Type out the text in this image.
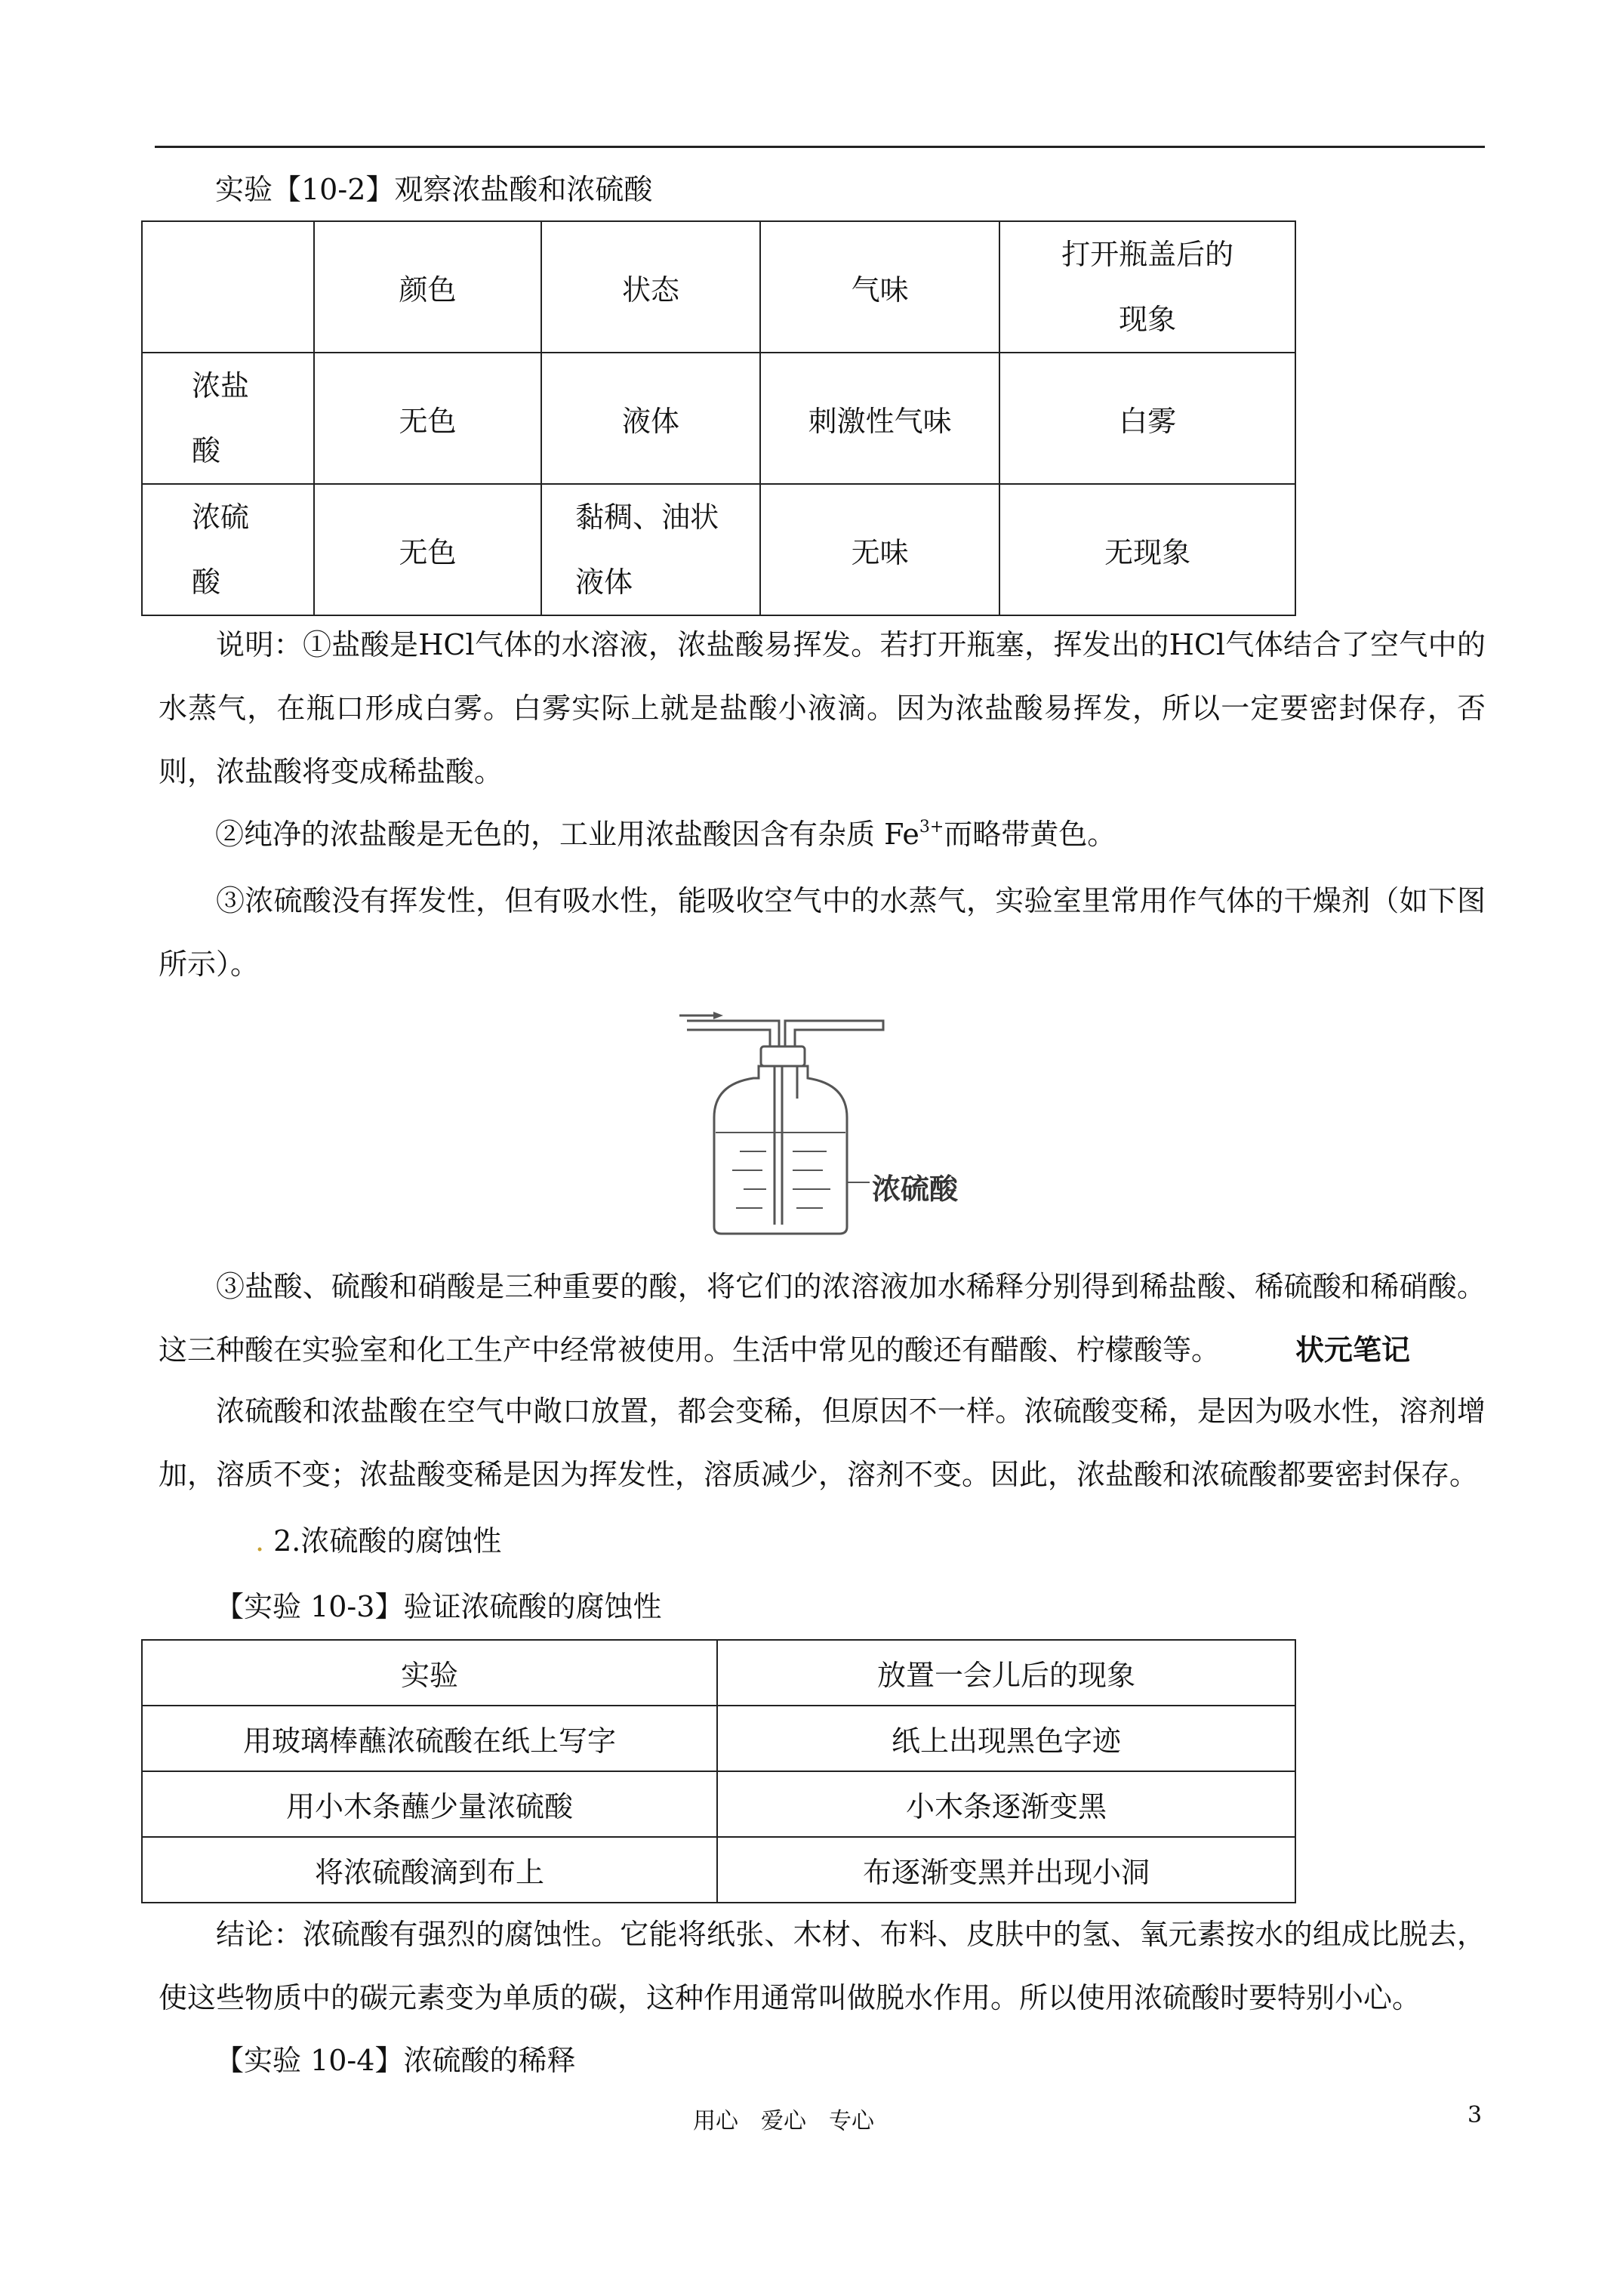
实验【10-2】观察浓盐酸和浓硫酸
	颜色	状态	气味	打开瓶盖后的现象

浓盐酸	无色	液体	刺激性气味	白雾

浓硫酸	无色	黏稠、油状液体	无味	无现象
说明：①盐酸是HCl气体的水溶液，浓盐酸易挥发。若打开瓶塞，挥发出的HCl气体结合了空气中的水蒸气，在瓶口形成白雾。白雾实际上就是盐酸小液滴。因为浓盐酸易挥发，所以一定要密封保存，否则，浓盐酸将变成稀盐酸。
②纯净的浓盐酸是无色的，工业用浓盐酸因含有杂质 $Fe^{3+}$而略带黄色。
③浓硫酸没有挥发性，但有吸水性，能吸收空气中的水蒸气，实验室里常用作气体的干燥剂（如下图所示）。
浓硫酸
③盐酸、硫酸和硝酸是三种重要的酸，将它们的浓溶液加水稀释分别得到稀盐酸、稀硫酸和稀硝酸。这三种酸在实验室和化工生产中经常被使用。生活中常见的酸还有醋酸、柠檬酸等。	状元笔记
浓硫酸和浓盐酸在空气中敞口放置，都会变稀，但原因不一样。浓硫酸变稀，是因为吸水性，溶剂增加，溶质不变；浓盐酸变稀是因为挥发性，溶质减少，溶剂不变。因此，浓盐酸和浓硫酸都要密封保存。
. 2.浓硫酸的腐蚀性
【实验 10-3】验证浓硫酸的腐蚀性
实验	放置一会儿后的现象
用玻璃棒蘸浓硫酸在纸上写字	纸上出现黑色字迹
用小木条蘸少量浓硫酸	小木条逐渐变黑
将浓硫酸滴到布上	布逐渐变黑并出现小洞
结论：浓硫酸有强烈的腐蚀性。它能将纸张、木材、布料、皮肤中的氢、氧元素按水的组成比脱去，使这些物质中的碳元素变为单质的碳，这种作用通常叫做脱水作用。所以使用浓硫酸时要特别小心。
【实验 10-4】浓硫酸的稀释
用心　爱心　专心	3
